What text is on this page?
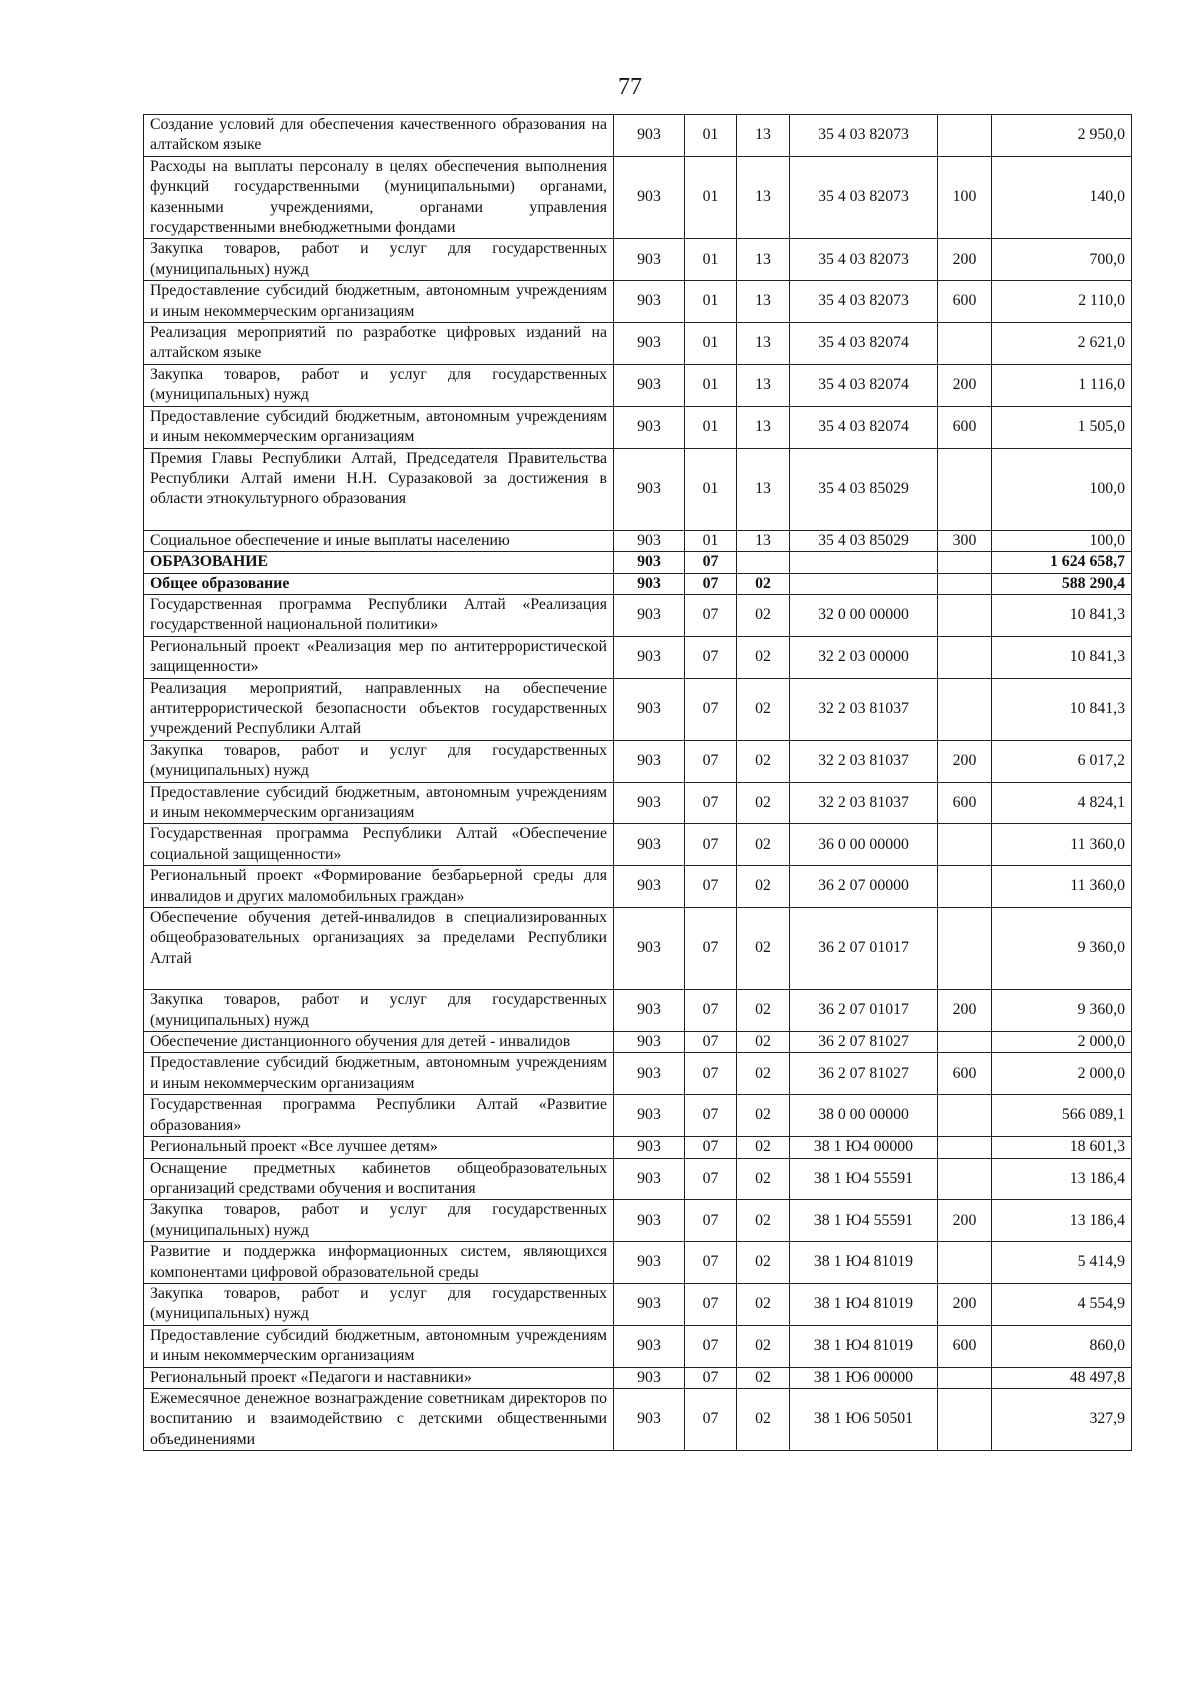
77
Создание условий для обеспечения качественного образования на алтайском языке	903	01	13	35 4 03 82073		2 950,0
Расходы на выплаты персоналу в целях обеспечения выполнения функций государственными (муниципальными) органами, казенными учреждениями, органами управления государственными внебюджетными фондами	903	01	13	35 4 03 82073	100	140,0
Закупка товаров, работ и услуг для государственных (муниципальных) нужд	903	01	13	35 4 03 82073	200	700,0
Предоставление субсидий бюджетным, автономным учреждениям и иным некоммерческим организациям	903	01	13	35 4 03 82073	600	2 110,0
Реализация мероприятий по разработке цифровых изданий на алтайском языке	903	01	13	35 4 03 82074		2 621,0
Закупка товаров, работ и услуг для государственных (муниципальных) нужд	903	01	13	35 4 03 82074	200	1 116,0
Предоставление субсидий бюджетным, автономным учреждениям и иным некоммерческим организациям	903	01	13	35 4 03 82074	600	1 505,0
Премия Главы Республики Алтай, Председателя Правительства Республики Алтай имени Н.Н. Суразаковой за достижения в области этнокультурного образования	903	01	13	35 4 03 85029		100,0
Социальное обеспечение и иные выплаты населению	903	01	13	35 4 03 85029	300	100,0
ОБРАЗОВАНИЕ	903	07				1 624 658,7
Общее образование	903	07	02			588 290,4
Государственная программа Республики Алтай «Реализация государственной национальной политики»	903	07	02	32 0 00 00000		10 841,3
Региональный проект «Реализация мер по антитеррористической защищенности»	903	07	02	32 2 03 00000		10 841,3
Реализация мероприятий, направленных на обеспечение антитеррористической безопасности объектов государственных учреждений Республики Алтай	903	07	02	32 2 03 81037		10 841,3
Закупка товаров, работ и услуг для государственных (муниципальных) нужд	903	07	02	32 2 03 81037	200	6 017,2
Предоставление субсидий бюджетным, автономным учреждениям и иным некоммерческим организациям	903	07	02	32 2 03 81037	600	4 824,1
Государственная программа Республики Алтай «Обеспечение социальной защищенности»	903	07	02	36 0 00 00000		11 360,0
Региональный проект «Формирование безбарьерной среды для инвалидов и других маломобильных граждан»	903	07	02	36 2 07 00000		11 360,0
Обеспечение обучения детей-инвалидов в специализированных общеобразовательных организациях за пределами Республики Алтай	903	07	02	36 2 07 01017		9 360,0
Закупка товаров, работ и услуг для государственных (муниципальных) нужд	903	07	02	36 2 07 01017	200	9 360,0
Обеспечение дистанционного обучения для детей - инвалидов	903	07	02	36 2 07 81027		2 000,0
Предоставление субсидий бюджетным, автономным учреждениям и иным некоммерческим организациям	903	07	02	36 2 07 81027	600	2 000,0
Государственная программа Республики Алтай «Развитие образования»	903	07	02	38 0 00 00000		566 089,1
Региональный проект «Все лучшее детям»	903	07	02	38 1 Ю4 00000		18 601,3
Оснащение предметных кабинетов общеобразовательных организаций средствами обучения и воспитания	903	07	02	38 1 Ю4 55591		13 186,4
Закупка товаров, работ и услуг для государственных (муниципальных) нужд	903	07	02	38 1 Ю4 55591	200	13 186,4
Развитие и поддержка информационных систем, являющихся компонентами цифровой образовательной среды	903	07	02	38 1 Ю4 81019		5 414,9
Закупка товаров, работ и услуг для государственных (муниципальных) нужд	903	07	02	38 1 Ю4 81019	200	4 554,9
Предоставление субсидий бюджетным, автономным учреждениям и иным некоммерческим организациям	903	07	02	38 1 Ю4 81019	600	860,0
Региональный проект «Педагоги и наставники»	903	07	02	38 1 Ю6 00000		48 497,8
Ежемесячное денежное вознаграждение советникам директоров по воспитанию и взаимодействию с детскими общественными объединениями	903	07	02	38 1 Ю6 50501		327,9
